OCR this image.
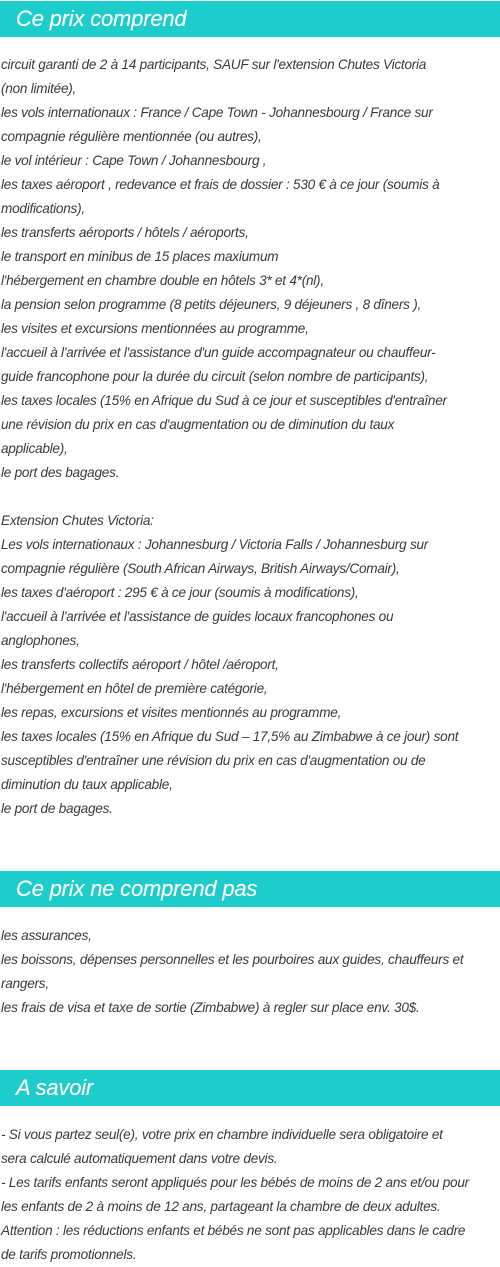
Ce prix comprend
circuit garanti de 2 à 14 participants, SAUF sur l'extension Chutes Victoria
(non limitée),
les vols internationaux : France / Cape Town - Johannesbourg / France sur
compagnie régulière mentionnée (ou autres),
le vol intérieur : Cape Town / Johannesbourg ,
les taxes aéroport , redevance et frais de dossier : 530 € à ce jour (soumis à
modifications),
les transferts aéroports / hôtels / aéroports,
le transport en minibus de 15 places maxiumum
l'hébergement en chambre double en hôtels 3* et 4*(nl),
la pension selon programme (8 petits déjeuners, 9 déjeuners , 8 dîners ),
les visites et excursions mentionnées au programme,
l'accueil à l'arrivée et l'assistance d'un guide accompagnateur ou chauffeur-
guide francophone pour la durée du circuit (selon nombre de participants),
les taxes locales (15% en Afrique du Sud à ce jour et susceptibles d'entraîner
une révision du prix en cas d'augmentation ou de diminution du taux
applicable),
le port des bagages.
Extension Chutes Victoria:
Les vols internationaux : Johannesburg / Victoria Falls / Johannesburg sur
compagnie régulière (South African Airways, British Airways/Comair),
les taxes d'aéroport : 295 € à ce jour (soumis à modifications),
l'accueil à l'arrivée et l'assistance de guides locaux francophones ou
anglophones,
les transferts collectifs aéroport / hôtel /aéroport,
l'hébergement en hôtel de première catégorie,
les repas, excursions et visites mentionnés au programme,
les taxes locales (15% en Afrique du Sud – 17,5% au Zimbabwe à ce jour) sont
susceptibles d'entraîner une révision du prix en cas d'augmentation ou de
diminution du taux applicable,
le port de bagages.
Ce prix ne comprend pas
les assurances,
les boissons, dépenses personnelles et les pourboires aux guides, chauffeurs et
rangers,
les frais de visa et taxe de sortie (Zimbabwe) à regler sur place env. 30$.
A savoir
- Si vous partez seul(e), votre prix en chambre individuelle sera obligatoire et
sera calculé automatiquement dans votre devis.
- Les tarifs enfants seront appliqués pour les bébés de moins de 2 ans et/ou pour
les enfants de 2 à moins de 12 ans, partageant la chambre de deux adultes.
Attention : les réductions enfants et bébés ne sont pas applicables dans le cadre
de tarifs promotionnels.
